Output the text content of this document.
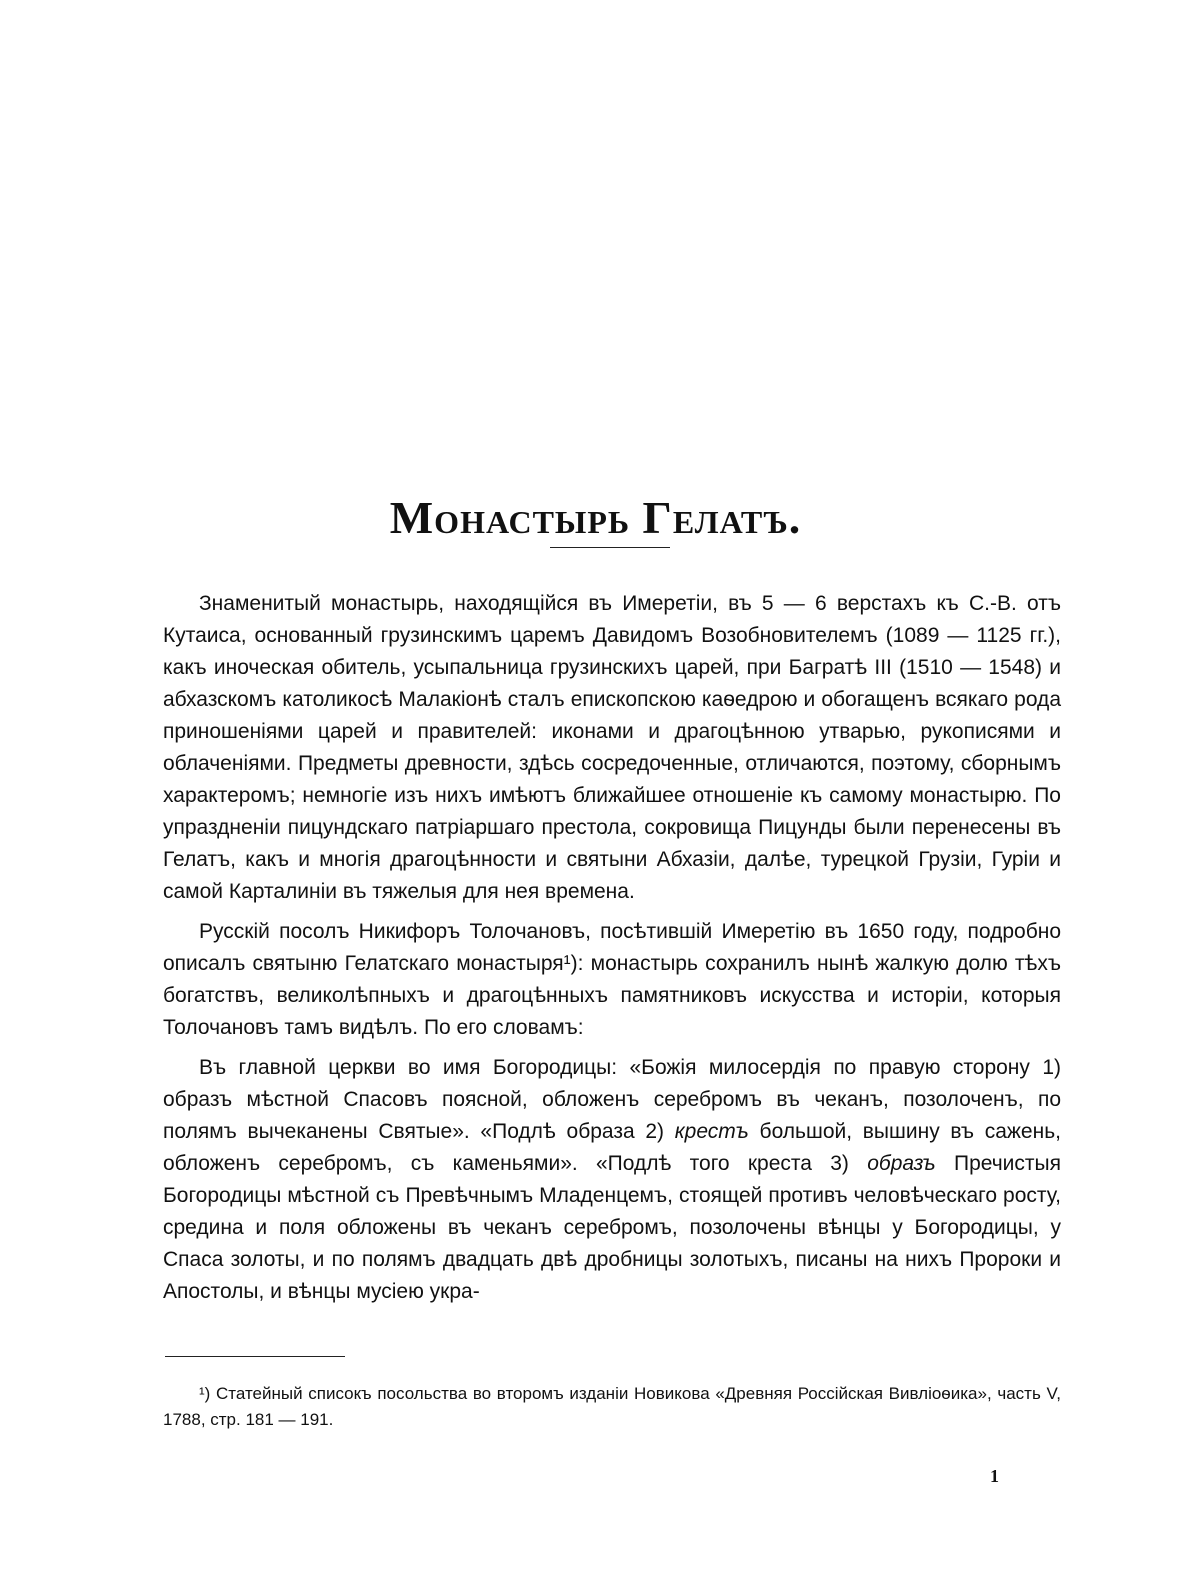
Монастырь Гелатъ.

Знаменитый монастырь, находящійся въ Имеретіи, въ 5 — 6 верстахъ къ С.-В. отъ Кутаиса, основанный грузинскимъ царемъ Давидомъ Возобновителемъ (1089 — 1125 гг.), какъ иноческая обитель, усыпальница грузинскихъ царей, при Багратѣ III (1510 — 1548) и абхазскомъ католикосѣ Малакіонѣ сталъ епископскою каѳедрою и обогащенъ всякаго рода приношеніями царей и правителей: иконами и драгоцѣнною утварью, рукописями и облаченіями. Предметы древности, здѣсь сосредоченные, отличаются, поэтому, сборнымъ характеромъ; немногіе изъ нихъ имѣютъ ближайшее отношеніе къ самому монастырю. По упраздненіи пицундскаго патріаршаго престола, сокровища Пицунды были перенесены въ Гелатъ, какъ и многія драгоцѣнности и святыни Абхазіи, далѣе, турецкой Грузіи, Гуріи и самой Карталиніи въ тяжелыя для нея времена.

Русскій посолъ Никифоръ Толочановъ, посѣтившій Имеретію въ 1650 году, подробно описалъ святыню Гелатскаго монастыря¹): монастырь сохранилъ нынѣ жалкую долю тѣхъ богатствъ, великолѣпныхъ и драгоцѣнныхъ памятниковъ искусства и исторіи, которыя Толочановъ тамъ видѣлъ. По его словамъ:

Въ главной церкви во имя Богородицы: «Божія милосердія по правую сторону 1) образъ мѣстной Спасовъ поясной, обложенъ серебромъ въ чеканъ, позолоченъ, по полямъ вычеканены Святые». «Подлѣ образа 2) крестъ большой, вышину въ сажень, обложенъ серебромъ, съ каменьями». «Подлѣ того креста 3) образъ Пречистыя Богородицы мѣстной съ Превѣчнымъ Младенцемъ, стоящей противъ человѣческаго росту, средина и поля обложены въ чеканъ серебромъ, позолочены вѣнцы у Богородицы, у Спаса золоты, и по полямъ двадцать двѣ дробницы золотыхъ, писаны на нихъ Пророки и Апостолы, и вѣнцы мусіею укра-

¹) Статейный списокъ посольства во второмъ изданіи Новикова «Древняя Россійская Вивліоѳика», часть V, 1788, стр. 181 — 191.
1
